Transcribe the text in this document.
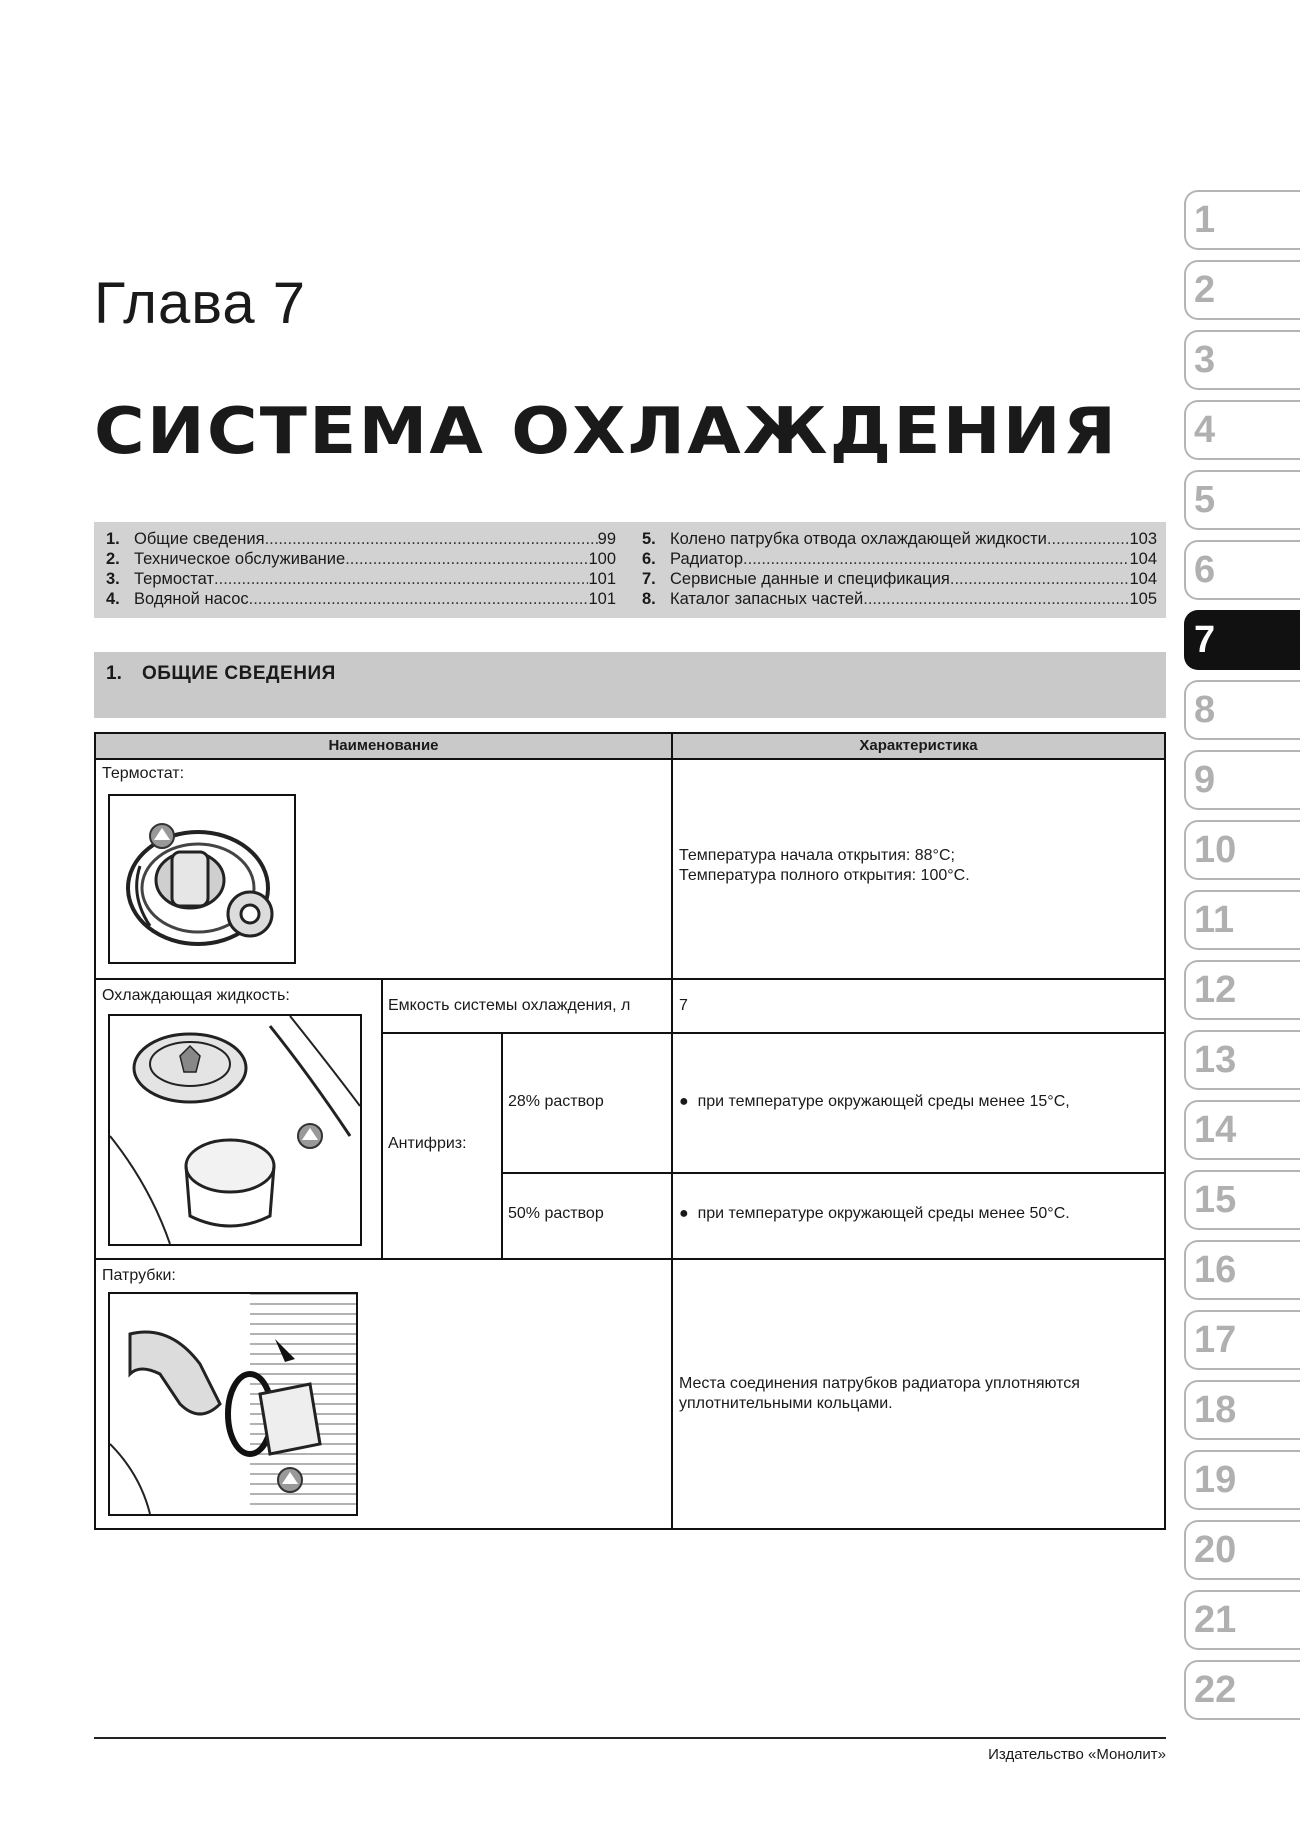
Глава 7
СИСТЕМА ОХЛАЖДЕНИЯ
1. Общие сведения .....	99
2. Техническое обслуживание .....	100
3. Термостат .....	101
4. Водяной насос .....	101
5. Колено патрубка отвода охлаждающей жидкости .....	103
6. Радиатор .....	104
7. Сервисные данные и спецификация .....	104
8. Каталог запасных частей .....	105
1. ОБЩИЕ СВЕДЕНИЯ
Наименование	Характеристика
Термостат:
Температура начала открытия: 88°C;
Температура полного открытия: 100°C.
Охлаждающая жидкость:
Емкость системы охлаждения, л	7
Антифриз:
28% раствор	● при температуре окружающей среды менее 15°C,
50% раствор	● при температуре окружающей среды менее 50°C.
Патрубки:
Места соединения патрубков радиатора уплотняются
уплотнительными кольцами.
1
2
3
4
5
6
7
8
9
10
11
12
13
14
15
16
17
18
19
20
21
22
Издательство «Монолит»
